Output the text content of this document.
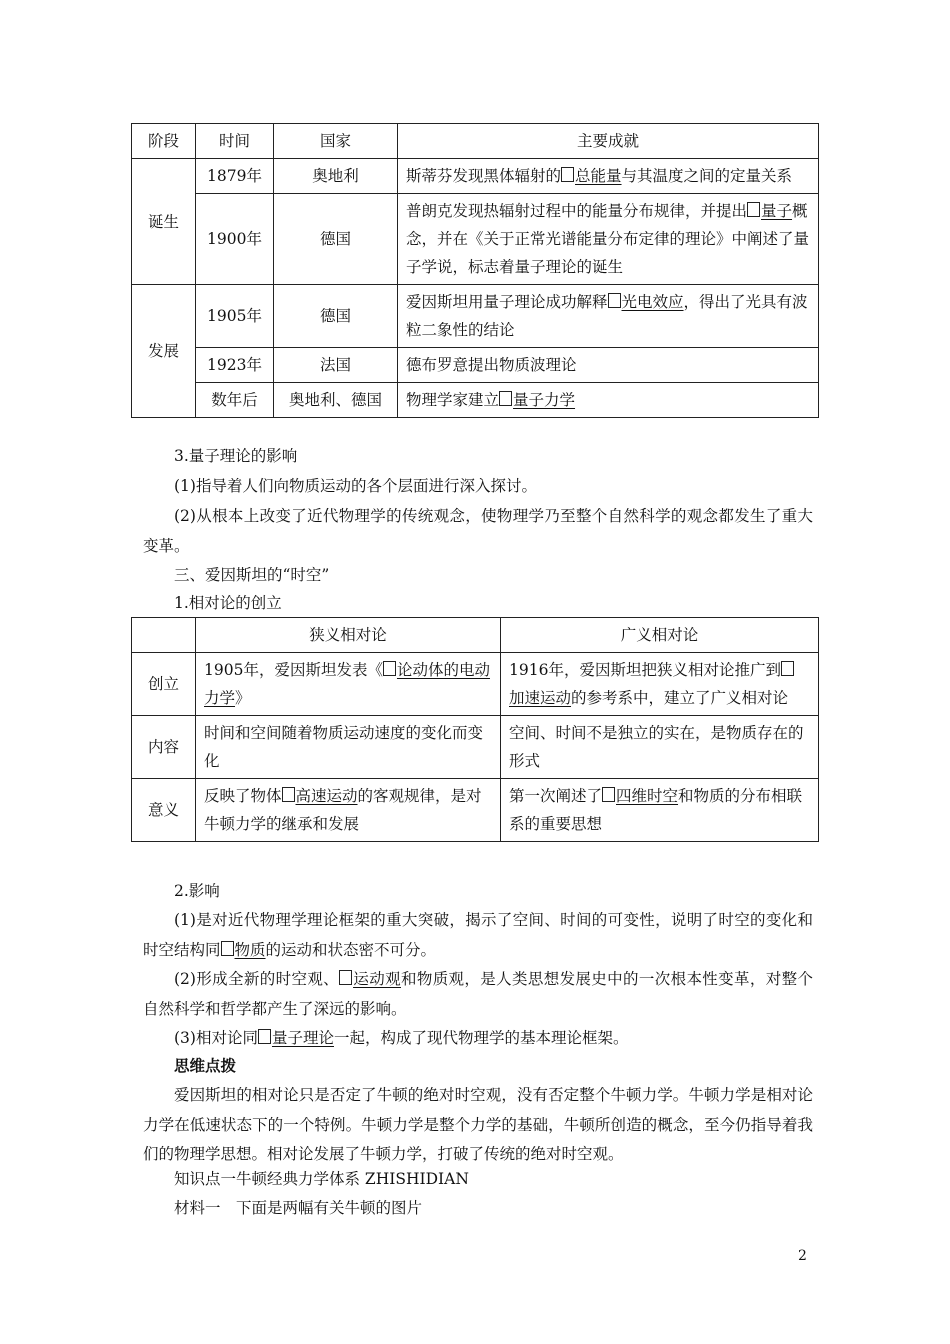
阶段	时间	国家	主要成就
诞生	1879年	奥地利	斯蒂芬发现黑体辐射的 总能量与其温度之间的定量关系
	1900年	德国	普朗克发现热辐射过程中的能量分布规律，并提出 量子概念，并在《关于正常光谱能量分布定律的理论》中阐述了量子学说，标志着量子理论的诞生
发展	1905年	德国	爱因斯坦用量子理论成功解释 光电效应，得出了光具有波粒二象性的结论
	1923年	法国	德布罗意提出物质波理论
	数年后	奥地利、德国	物理学家建立 量子力学
3.量子理论的影响
(1)指导着人们向物质运动的各个层面进行深入探讨。
(2)从根本上改变了近代物理学的传统观念，使物理学乃至整个自然科学的观念都发生了重大变革。
三、爱因斯坦的“时空”
1.相对论的创立
	狭义相对论	广义相对论
创立	1905年，爱因斯坦发表《 论动体的电动力学》	1916年，爱因斯坦把狭义相对论推广到加速运动的参考系中，建立了广义相对论
内容	时间和空间随着物质运动速度的变化而变化	空间、时间不是独立的实在，是物质存在的形式
意义	反映了物体 高速运动的客观规律，是对牛顿力学的继承和发展	第一次阐述了 四维时空和物质的分布相联系的重要思想
2.影响
(1)是对近代物理学理论框架的重大突破，揭示了空间、时间的可变性，说明了时空的变化和时空结构同 物质的运动和状态密不可分。
(2)形成全新的时空观、 运动观和物质观，是人类思想发展史中的一次根本性变革，对整个自然科学和哲学都产生了深远的影响。
(3)相对论同 量子理论一起，构成了现代物理学的基本理论框架。
思维点拨
爱因斯坦的相对论只是否定了牛顿的绝对时空观，没有否定整个牛顿力学。牛顿力学是相对论力学在低速状态下的一个特例。牛顿力学是整个力学的基础，牛顿所创造的概念，至今仍指导着我们的物理学思想。相对论发展了牛顿力学，打破了传统的绝对时空观。
知识点一牛顿经典力学体系 ZHISHIDIAN
材料一　下面是两幅有关牛顿的图片
2
